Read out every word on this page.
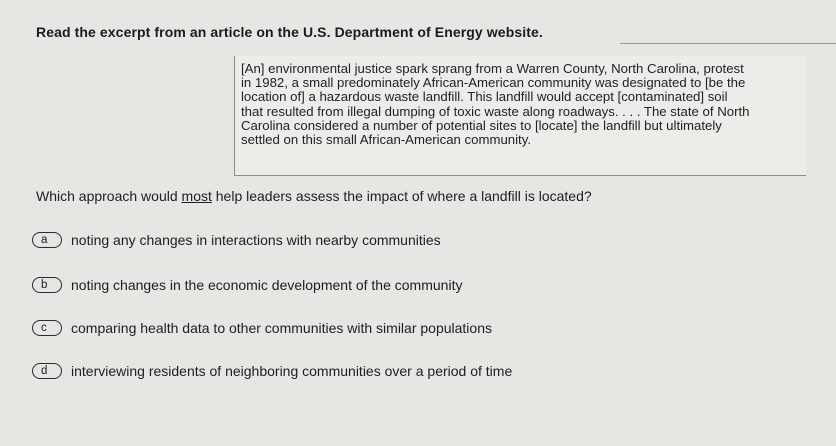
Read the excerpt from an article on the U.S. Department of Energy website.
[An] environmental justice spark sprang from a Warren County, North Carolina, protest
in 1982, a small predominately African-American community was designated to [be the
location of] a hazardous waste landfill. This landfill would accept [contaminated] soil
that resulted from illegal dumping of toxic waste along roadways. . . . The state of North
Carolina considered a number of potential sites to [locate] the landfill but ultimately
settled on this small African-American community.
Which approach would most help leaders assess the impact of where a landfill is located?
a	noting any changes in interactions with nearby communities
b	noting changes in the economic development of the community
c	comparing health data to other communities with similar populations
d	interviewing residents of neighboring communities over a period of time
